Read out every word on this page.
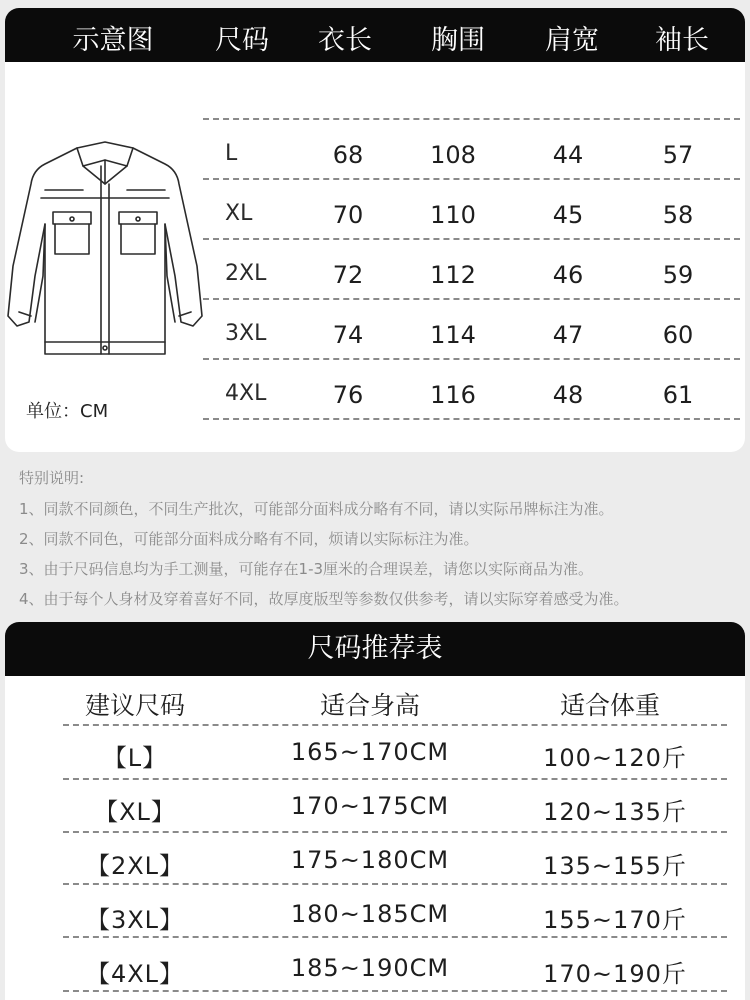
示意图	尺码	衣长	胸围	肩宽	袖长
单位：CM
L	68	108	44	57
XL	70	110	45	58
2XL	72	112	46	59
3XL	74	114	47	60
4XL	76	116	48	61
特别说明:
1、同款不同颜色，不同生产批次，可能部分面料成分略有不同，请以实际吊牌标注为准。
2、同款不同色，可能部分面料成分略有不同，烦请以实际标注为准。
3、由于尺码信息均为手工测量，可能存在1-3厘米的合理误差，请您以实际商品为准。
4、由于每个人身材及穿着喜好不同，故厚度版型等参数仅供参考，请以实际穿着感受为准。
尺码推荐表
建议尺码	适合身高	适合体重
【L】	165~170CM	100~120斤
【XL】	170~175CM	120~135斤
【2XL】	175~180CM	135~155斤
【3XL】	180~185CM	155~170斤
【4XL】	185~190CM	170~190斤
